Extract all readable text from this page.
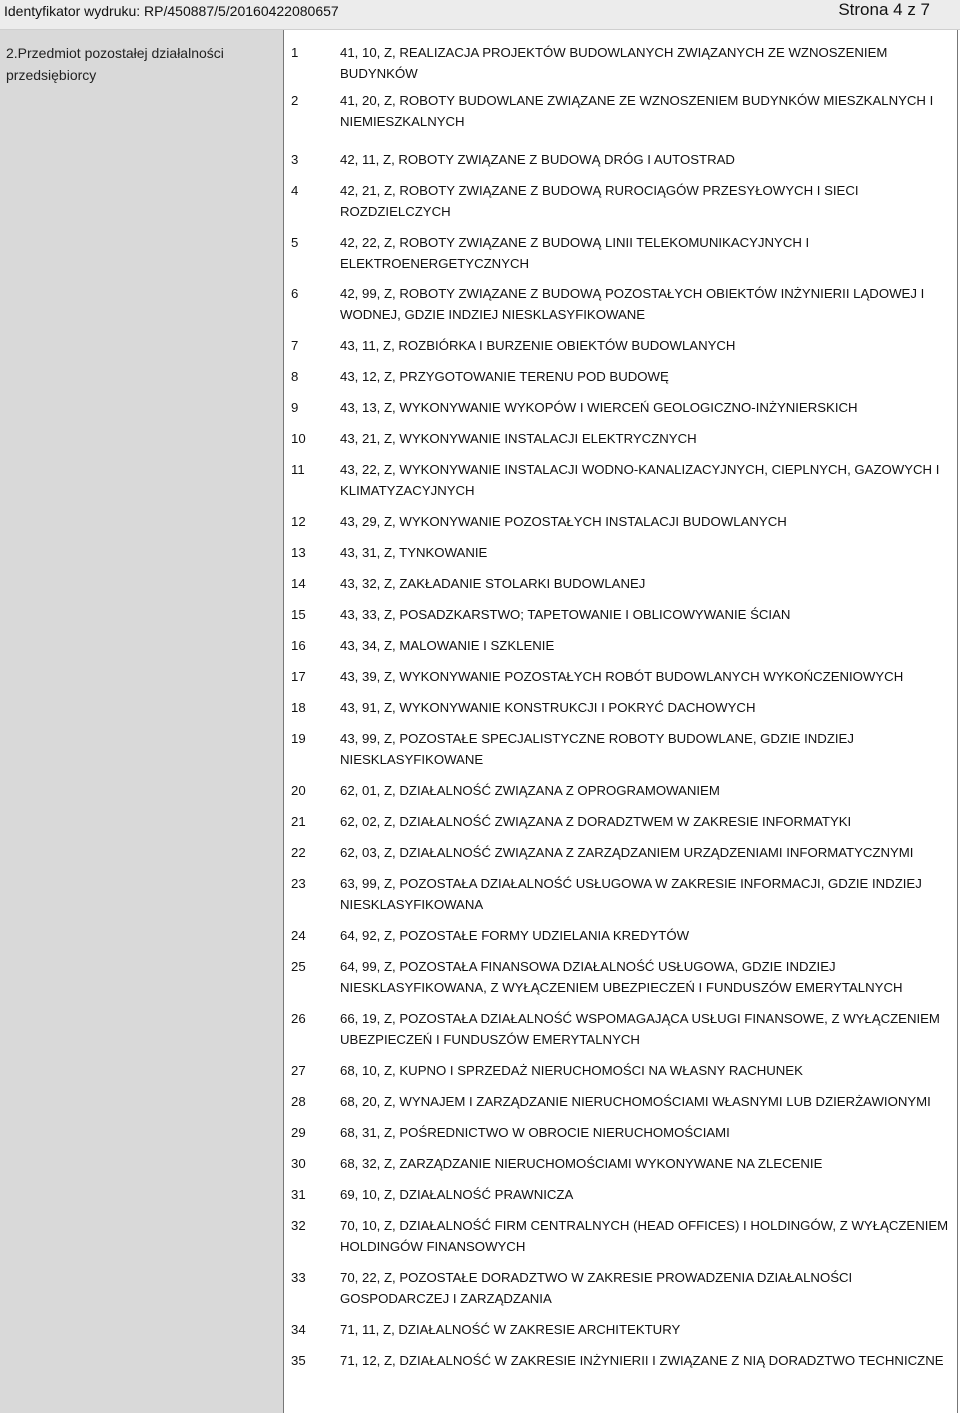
Identyfikator wydruku: RP/450887/5/20160422080657	Strona 4 z 7
2.Przedmiot pozostałej działalności przedsiębiorcy
1	41, 10, Z, REALIZACJA PROJEKTÓW BUDOWLANYCH ZWIĄZANYCH ZE WZNOSZENIEM BUDYNKÓW
2	41, 20, Z, ROBOTY BUDOWLANE ZWIĄZANE ZE WZNOSZENIEM BUDYNKÓW MIESZKALNYCH I NIEMIESZKALNYCH
3	42, 11, Z, ROBOTY ZWIĄZANE Z BUDOWĄ DRÓG I AUTOSTRAD
4	42, 21, Z, ROBOTY ZWIĄZANE Z BUDOWĄ RUROCIĄGÓW PRZESYŁOWYCH I SIECI ROZDZIELCZYCH
5	42, 22, Z, ROBOTY ZWIĄZANE Z BUDOWĄ LINII TELEKOMUNIKACYJNYCH I ELEKTROENERGETYCZNYCH
6	42, 99, Z, ROBOTY ZWIĄZANE Z BUDOWĄ POZOSTAŁYCH OBIEKTÓW INŻYNIERII LĄDOWEJ I WODNEJ, GDZIE INDZIEJ NIESKLASYFIKOWANE
7	43, 11, Z, ROZBIÓRKA I BURZENIE OBIEKTÓW BUDOWLANYCH
8	43, 12, Z, PRZYGOTOWANIE TERENU POD BUDOWĘ
9	43, 13, Z, WYKONYWANIE WYKOPÓW I WIERCEŃ GEOLOGICZNO-INŻYNIERSKICH
10	43, 21, Z, WYKONYWANIE INSTALACJI ELEKTRYCZNYCH
11	43, 22, Z, WYKONYWANIE INSTALACJI WODNO-KANALIZACYJNYCH, CIEPLNYCH, GAZOWYCH I KLIMATYZACYJNYCH
12	43, 29, Z, WYKONYWANIE POZOSTAŁYCH INSTALACJI BUDOWLANYCH
13	43, 31, Z, TYNKOWANIE
14	43, 32, Z, ZAKŁADANIE STOLARKI BUDOWLANEJ
15	43, 33, Z, POSADZKARSTWO; TAPETOWANIE I OBLICOWYWANIE ŚCIAN
16	43, 34, Z, MALOWANIE I SZKLENIE
17	43, 39, Z, WYKONYWANIE POZOSTAŁYCH ROBÓT BUDOWLANYCH WYKOŃCZENIOWYCH
18	43, 91, Z, WYKONYWANIE KONSTRUKCJI I POKRYĆ DACHOWYCH
19	43, 99, Z, POZOSTAŁE SPECJALISTYCZNE ROBOTY BUDOWLANE, GDZIE INDZIEJ NIESKLASYFIKOWANE
20	62, 01, Z, DZIAŁALNOŚĆ ZWIĄZANA Z OPROGRAMOWANIEM
21	62, 02, Z, DZIAŁALNOŚĆ ZWIĄZANA Z DORADZTWEM W ZAKRESIE INFORMATYKI
22	62, 03, Z, DZIAŁALNOŚĆ ZWIĄZANA Z ZARZĄDZANIEM URZĄDZENIAMI INFORMATYCZNYMI
23	63, 99, Z, POZOSTAŁA DZIAŁALNOŚĆ USŁUGOWA W ZAKRESIE INFORMACJI, GDZIE INDZIEJ NIESKLASYFIKOWANA
24	64, 92, Z, POZOSTAŁE FORMY UDZIELANIA KREDYTÓW
25	64, 99, Z, POZOSTAŁA FINANSOWA DZIAŁALNOŚĆ USŁUGOWA, GDZIE INDZIEJ NIESKLASYFIKOWANA, Z WYŁĄCZENIEM UBEZPIECZEŃ I FUNDUSZÓW EMERYTALNYCH
26	66, 19, Z, POZOSTAŁA DZIAŁALNOŚĆ WSPOMAGAJĄCA USŁUGI FINANSOWE, Z WYŁĄCZENIEM UBEZPIECZEŃ I FUNDUSZÓW EMERYTALNYCH
27	68, 10, Z, KUPNO I SPRZEDAŻ NIERUCHOMOŚCI NA WŁASNY RACHUNEK
28	68, 20, Z, WYNAJEM I ZARZĄDZANIE NIERUCHOMOŚCIAMI WŁASNYMI LUB DZIERŻAWIONYMI
29	68, 31, Z, POŚREDNICTWO W OBROCIE NIERUCHOMOŚCIAMI
30	68, 32, Z, ZARZĄDZANIE NIERUCHOMOŚCIAMI WYKONYWANE NA ZLECENIE
31	69, 10, Z, DZIAŁALNOŚĆ PRAWNICZA
32	70, 10, Z, DZIAŁALNOŚĆ FIRM CENTRALNYCH (HEAD OFFICES) I HOLDINGÓW, Z WYŁĄCZENIEM HOLDINGÓW FINANSOWYCH
33	70, 22, Z, POZOSTAŁE DORADZTWO W ZAKRESIE PROWADZENIA DZIAŁALNOŚCI GOSPODARCZEJ I ZARZĄDZANIA
34	71, 11, Z, DZIAŁALNOŚĆ W ZAKRESIE ARCHITEKTURY
35	71, 12, Z, DZIAŁALNOŚĆ W ZAKRESIE INŻYNIERII I ZWIĄZANE Z NIĄ DORADZTWO TECHNICZNE
